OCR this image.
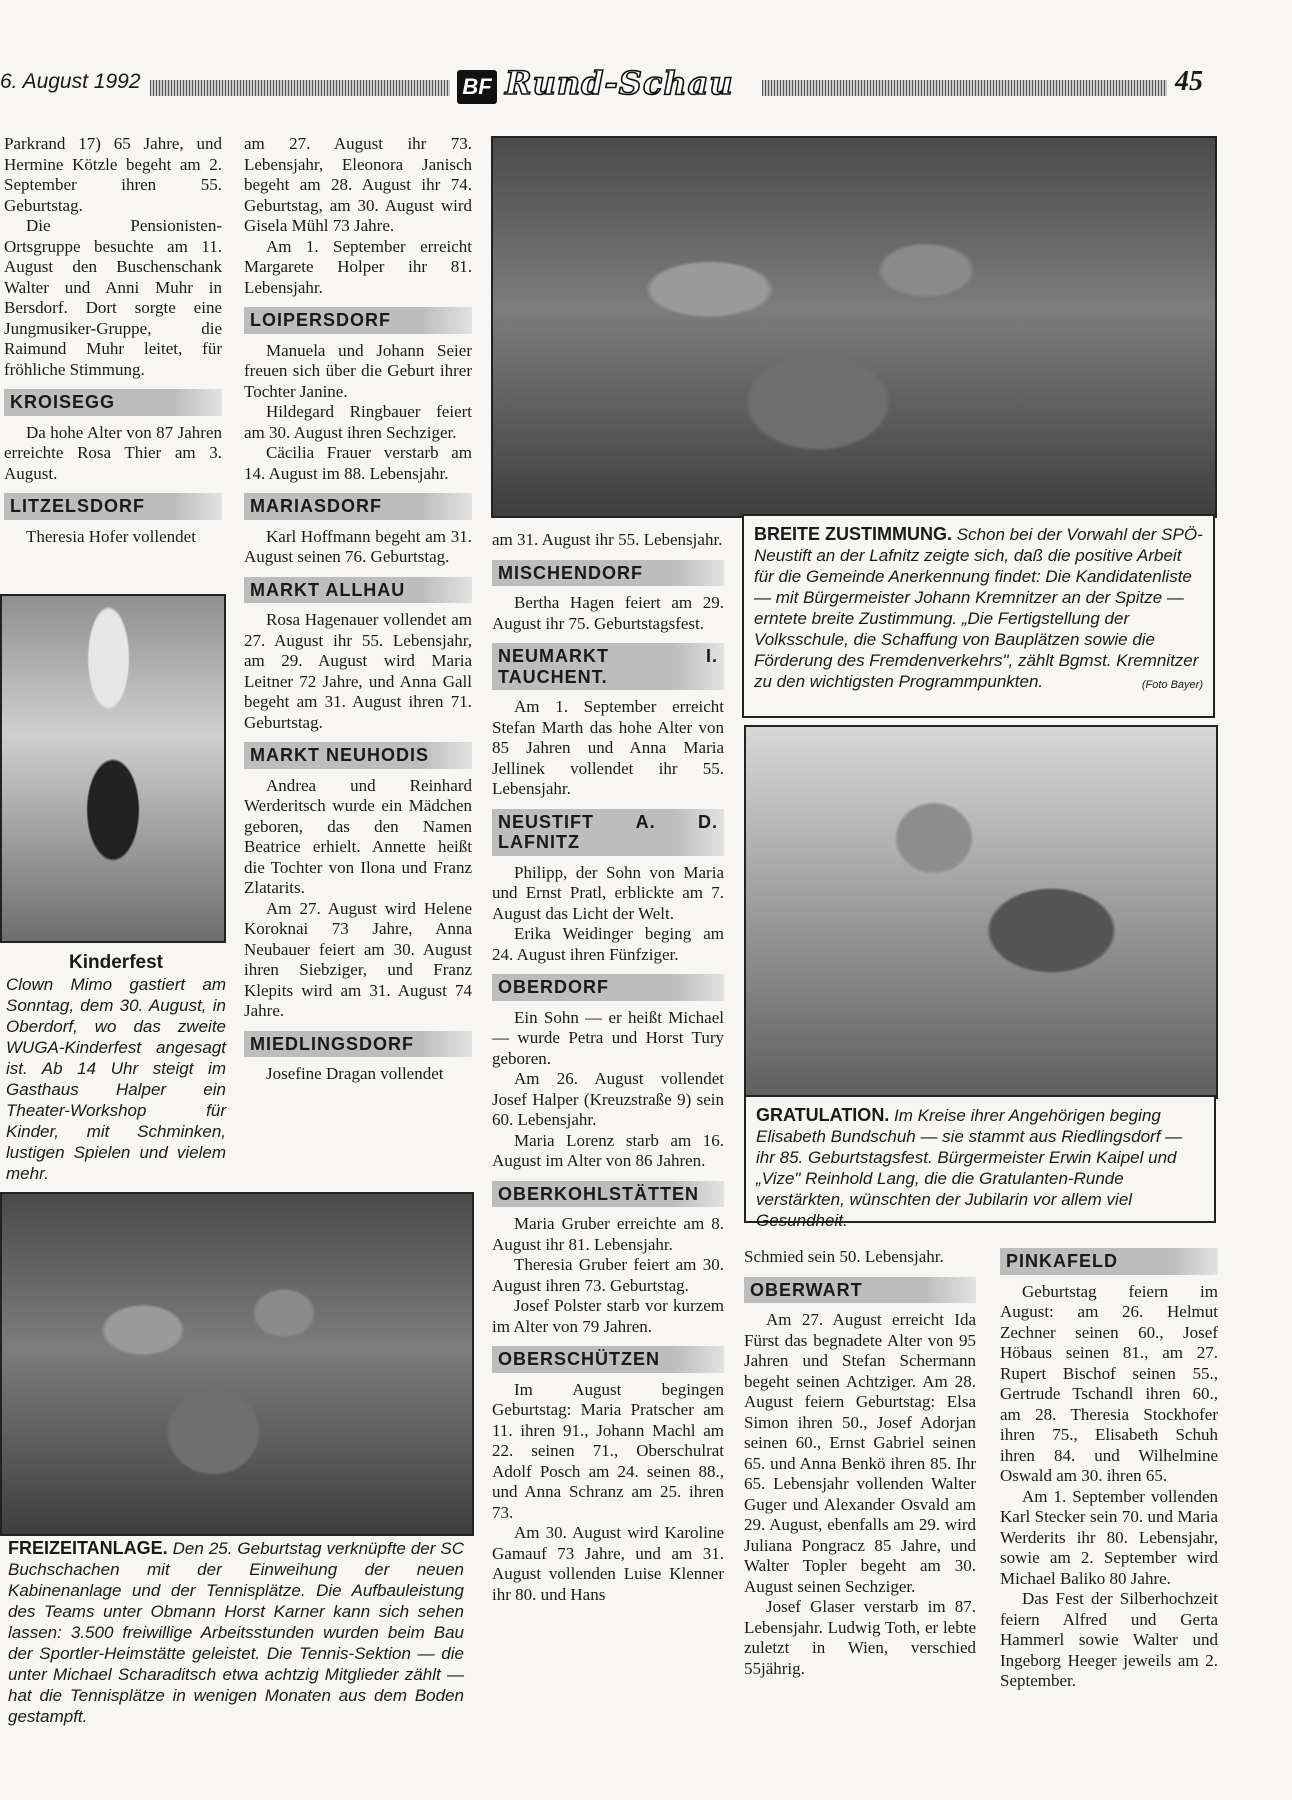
6. August 1992	BF Rund-Schau	45

Parkrand 17) 65 Jahre, und Hermine Kötzle begeht am 2. September ihren 55. Geburtstag.

Die Pensionisten-Ortsgruppe besuchte am 11. August den Buschenschank Walter und Anni Muhr in Bersdorf. Dort sorgte eine Jungmusiker-Gruppe, die Raimund Muhr leitet, für fröhliche Stimmung.

KROISEGG

Da hohe Alter von 87 Jahren erreichte Rosa Thier am 3. August.

LITZELSDORF

Theresia Hofer vollendet

Kinderfest
Clown Mimo gastiert am Sonntag, dem 30. August, in Oberdorf, wo das zweite WUGA-Kinderfest angesagt ist. Ab 14 Uhr steigt im Gasthaus Halper ein Theater-Workshop für Kinder, mit Schminken, lustigen Spielen und vielem mehr.

am 27. August ihr 73. Lebensjahr, Eleonora Janisch begeht am 28. August ihr 74. Geburtstag, am 30. August wird Gisela Mühl 73 Jahre.

Am 1. September erreicht Margarete Holper ihr 81. Lebensjahr.

LOIPERSDORF

Manuela und Johann Seier freuen sich über die Geburt ihrer Tochter Janine.

Hildegard Ringbauer feiert am 30. August ihren Sechziger.

Cäcilia Frauer verstarb am 14. August im 88. Lebensjahr.

MARIASDORF

Karl Hoffmann begeht am 31. August seinen 76. Geburtstag.

MARKT ALLHAU

Rosa Hagenauer vollendet am 27. August ihr 55. Lebensjahr, am 29. August wird Maria Leitner 72 Jahre, und Anna Gall begeht am 31. August ihren 71. Geburtstag.

MARKT NEUHODIS

Andrea und Reinhard Werderitsch wurde ein Mädchen geboren, das den Namen Beatrice erhielt. Annette heißt die Tochter von Ilona und Franz Zlatarits.

Am 27. August wird Helene Koroknai 73 Jahre, Anna Neubauer feiert am 30. August ihren Siebziger, und Franz Klepits wird am 31. August 74 Jahre.

MIEDLINGSDORF

Josefine Dragan vollendet

BREITE ZUSTIMMUNG. Schon bei der Vorwahl der SPÖ-Neustift an der Lafnitz zeigte sich, daß die positive Arbeit für die Gemeinde Anerkennung findet: Die Kandidatenliste — mit Bürgermeister Johann Kremnitzer an der Spitze — erntete breite Zustimmung. „Die Fertigstellung der Volksschule, die Schaffung von Bauplätzen sowie die Förderung des Fremdenverkehrs", zählt Bgmst. Kremnitzer zu den wichtigsten Programmpunkten.	(Foto Bayer)

am 31. August ihr 55. Lebensjahr.

MISCHENDORF

Bertha Hagen feiert am 29. August ihr 75. Geburtstagsfest.

NEUMARKT I. TAUCHENT.

Am 1. September erreicht Stefan Marth das hohe Alter von 85 Jahren und Anna Maria Jellinek vollendet ihr 55. Lebensjahr.

NEUSTIFT A. D. LAFNITZ

Philipp, der Sohn von Maria und Ernst Pratl, erblickte am 7. August das Licht der Welt.

Erika Weidinger beging am 24. August ihren Fünfziger.

OBERDORF

Ein Sohn — er heißt Michael — wurde Petra und Horst Tury geboren.

Am 26. August vollendet Josef Halper (Kreuzstraße 9) sein 60. Lebensjahr.

Maria Lorenz starb am 16. August im Alter von 86 Jahren.

OBERKOHLSTÄTTEN

Maria Gruber erreichte am 8. August ihr 81. Lebensjahr.

Theresia Gruber feiert am 30. August ihren 73. Geburtstag.

Josef Polster starb vor kurzem im Alter von 79 Jahren.

OBERSCHÜTZEN

Im August begingen Geburtstag: Maria Pratscher am 11. ihren 91., Johann Machl am 22. seinen 71., Oberschulrat Adolf Posch am 24. seinen 88., und Anna Schranz am 25. ihren 73.

Am 30. August wird Karoline Gamauf 73 Jahre, und am 31. August vollenden Luise Klenner ihr 80. und Hans

GRATULATION. Im Kreise ihrer Angehörigen beging Elisabeth Bundschuh — sie stammt aus Riedlingsdorf — ihr 85. Geburtstagsfest. Bürgermeister Erwin Kaipel und „Vize" Reinhold Lang, die die Gratulanten-Runde verstärkten, wünschten der Jubilarin vor allem viel Gesundheit.

Schmied sein 50. Lebensjahr.

OBERWART

Am 27. August erreicht Ida Fürst das begnadete Alter von 95 Jahren und Stefan Schermann begeht seinen Achtziger. Am 28. August feiern Geburtstag: Elsa Simon ihren 50., Josef Adorjan seinen 60., Ernst Gabriel seinen 65. und Anna Benkö ihren 85. Ihr 65. Lebensjahr vollenden Walter Guger und Alexander Osvald am 29. August, ebenfalls am 29. wird Juliana Pongracz 85 Jahre, und Walter Topler begeht am 30. August seinen Sechziger.

Josef Glaser verstarb im 87. Lebensjahr. Ludwig Toth, er lebte zuletzt in Wien, verschied 55jährig.

PINKAFELD

Geburtstag feiern im August: am 26. Helmut Zechner seinen 60., Josef Höbaus seinen 81., am 27. Rupert Bischof seinen 55., Gertrude Tschandl ihren 60., am 28. Theresia Stockhofer ihren 75., Elisabeth Schuh ihren 84. und Wilhelmine Oswald am 30. ihren 65.

Am 1. September vollenden Karl Stecker sein 70. und Maria Werderits ihr 80. Lebensjahr, sowie am 2. September wird Michael Baliko 80 Jahre.

Das Fest der Silberhochzeit feiern Alfred und Gerta Hammerl sowie Walter und Ingeborg Heeger jeweils am 2. September.

FREIZEITANLAGE. Den 25. Geburtstag verknüpfte der SC Buchschachen mit der Einweihung der neuen Kabinenanlage und der Tennisplätze. Die Aufbauleistung des Teams unter Obmann Horst Karner kann sich sehen lassen: 3.500 freiwillige Arbeitsstunden wurden beim Bau der Sportler-Heimstätte geleistet. Die Tennis-Sektion — die unter Michael Scharaditsch etwa achtzig Mitglieder zählt — hat die Tennisplätze in wenigen Monaten aus dem Boden gestampft.
